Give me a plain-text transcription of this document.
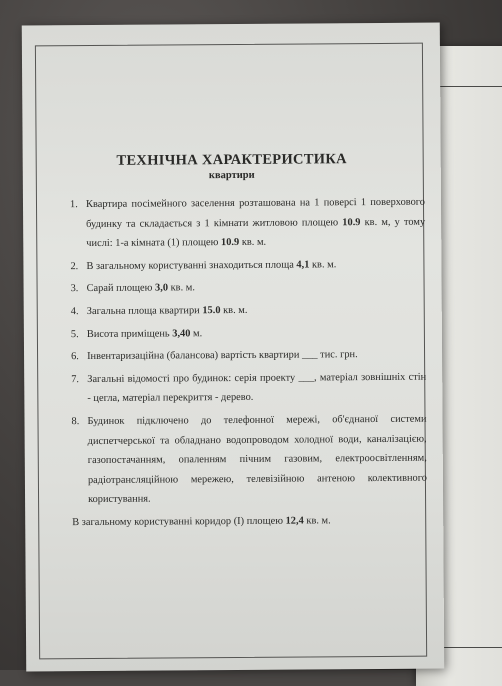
ТЕХНІЧНА ХАРАКТЕРИСТИКА
квартири
1. Квартира посімейного заселення розташована на 1 поверсі 1 поверхового будинку та складається з 1 кімнати житловою площею 10.9 кв. м, у тому числі: 1-а кімната (1) площею 10.9 кв. м.
2. В загальному користуванні знаходиться площа 4,1 кв. м.
3. Сарай площею 3,0 кв. м.
4. Загальна площа квартири 15.0 кв. м.
5. Висота приміщень 3,40 м.
6. Інвентаризаційна (балансова) вартість квартири ___ тис. грн.
7. Загальні відомості про будинок: серія проекту ___, матеріал зовнішніх стін - цегла, матеріал перекриття - дерево.
8. Будинок підключено до телефонної мережі, об'єднаної системи диспетчерської та обладнано водопроводом холодної води, каналізацією, газопостачанням, опаленням пічним газовим, електроосвітленням, радіотрансляційною мережею, телевізійною антеною колективного користування.
В загальному користуванні коридор (I) площею 12,4 кв. м.
